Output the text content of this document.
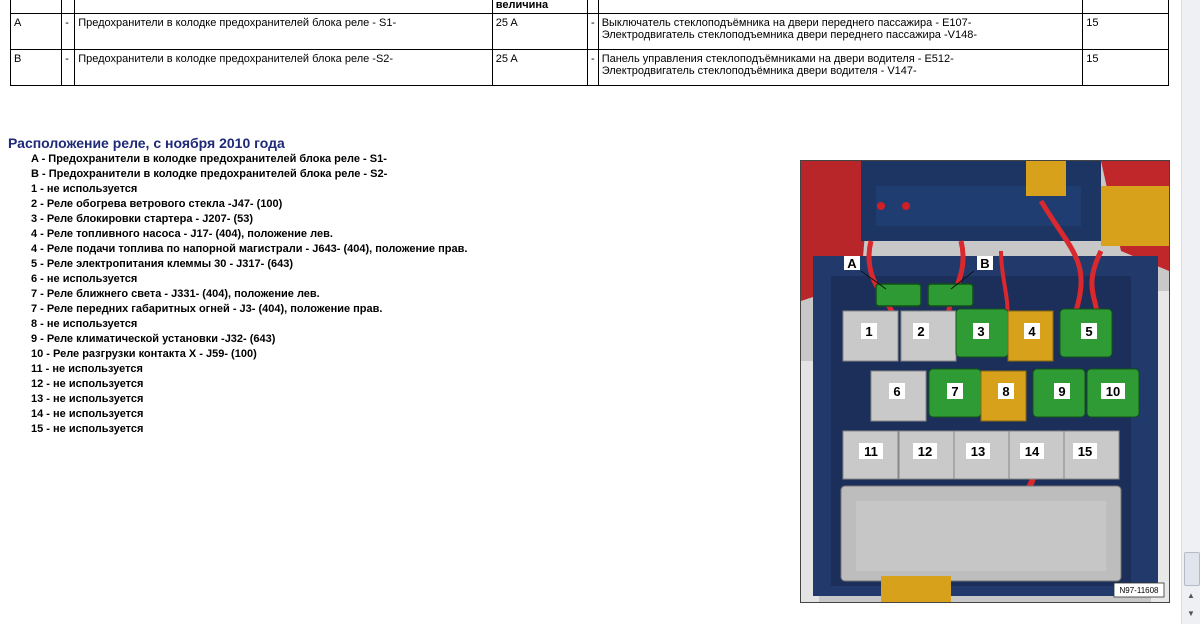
			величина			
A	-	Предохранители в колодке предохранителей блока реле - S1-	25 A	-	Выключатель стеклоподъёмника на двери переднего пассажира - E107-
Электродвигатель стеклоподъемника двери переднего пассажира -V148-	15
B	-	Предохранители в колодке предохранителей блока реле -S2-	25 A	-	Панель управления стеклоподъёмниками на двери водителя - E512-
Электродвигатель стеклоподъёмника двери водителя - V147-	15
Расположение реле, с ноября 2010 года
A - Предохранители в колодке предохранителей блока реле - S1-
B - Предохранители в колодке предохранителей блока реле - S2-
1 - не используется
2 - Реле обогрева ветрового стекла -J47- (100)
3 - Реле блокировки стартера - J207- (53)
4 - Реле топливного насоса - J17- (404), положение лев.
4 - Реле подачи топлива по напорной магистрали - J643- (404), положение прав.
5 - Реле электропитания клеммы 30 - J317- (643)
6 - не используется
7 - Реле ближнего света - J331- (404), положение лев.
7 - Реле передних габаритных огней - J3- (404), положение прав.
8 - не используется
9 - Реле климатической установки -J32- (643)
10 - Реле разгрузки контакта X - J59- (100)
11 - не используется
12 - не используется
13 - не используется
14 - не используется
15 - не используется
A	B
1	2	3	4	5
6	7	8	9	10
11	12	13	14	15
N97-11608
▲
▼
